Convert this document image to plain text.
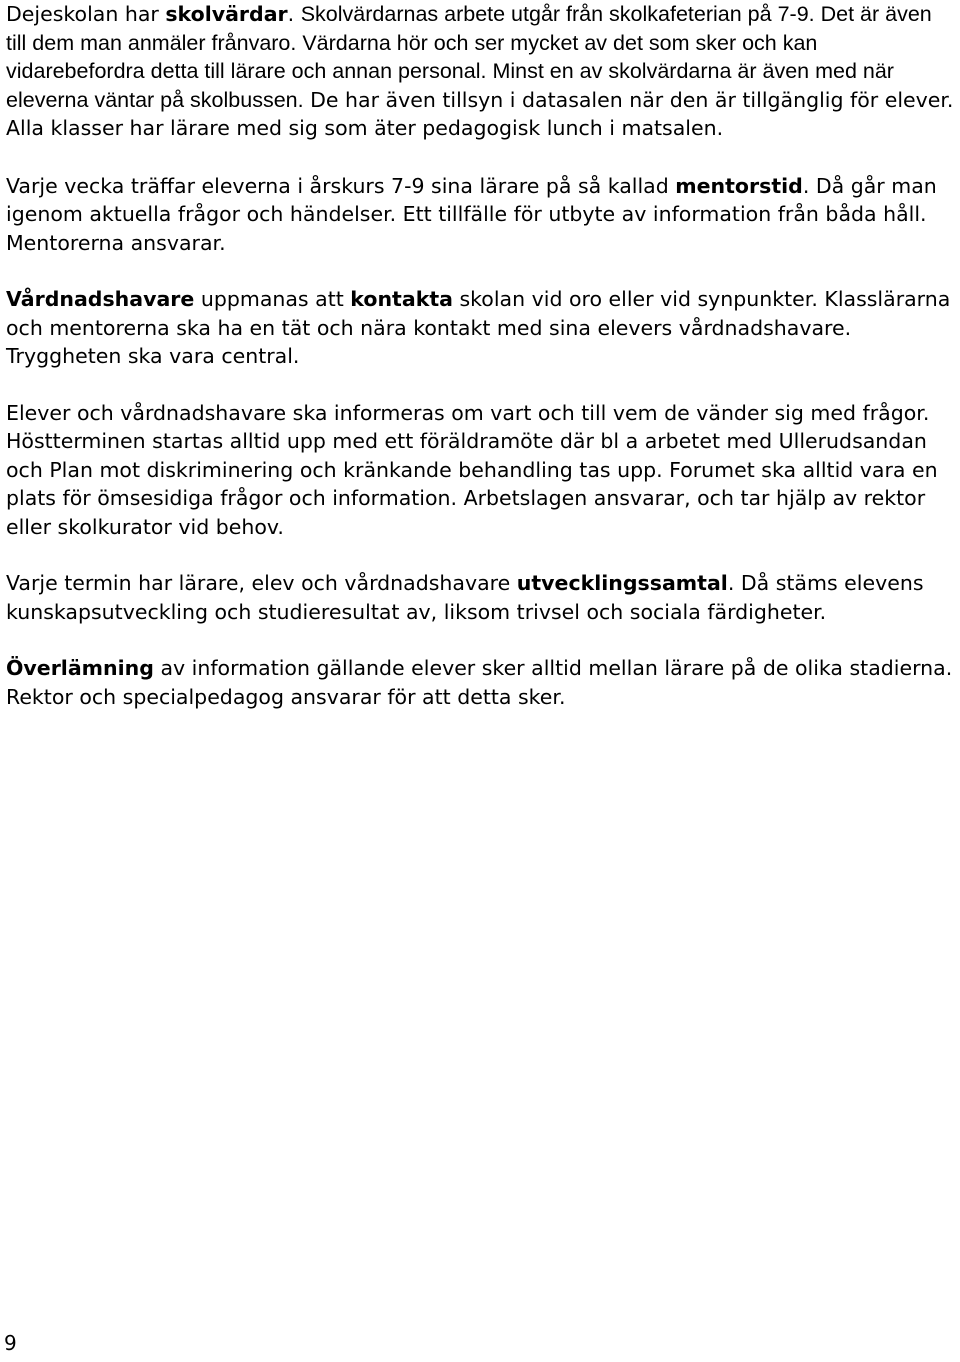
Dejeskolan har skolvärdar. Skolvärdarnas arbete utgår från skolkafeterian på 7-9. Det är även till dem man anmäler frånvaro. Värdarna hör och ser mycket av det som sker och kan vidarebefordra detta till lärare och annan personal. Minst en av skolvärdarna är även med när eleverna väntar på skolbussen. De har även tillsyn i datasalen när den är tillgänglig för elever. Alla klasser har lärare med sig som äter pedagogisk lunch i matsalen.

Varje vecka träffar eleverna i årskurs 7-9 sina lärare på så kallad mentorstid. Då går man igenom aktuella frågor och händelser. Ett tillfälle för utbyte av information från båda håll. Mentorerna ansvarar.

Vårdnadshavare uppmanas att kontakta skolan vid oro eller vid synpunkter. Klasslärarna och mentorerna ska ha en tät och nära kontakt med sina elevers vårdnadshavare. Tryggheten ska vara central.

Elever och vårdnadshavare ska informeras om vart och till vem de vänder sig med frågor. Höstterminen startas alltid upp med ett föräldramöte där bl a arbetet med Ullerudsandan och Plan mot diskriminering och kränkande behandling tas upp. Forumet ska alltid vara en plats för ömsesidiga frågor och information. Arbetslagen ansvarar, och tar hjälp av rektor eller skolkurator vid behov.

Varje termin har lärare, elev och vårdnadshavare utvecklingssamtal. Då stäms elevens kunskapsutveckling och studieresultat av, liksom trivsel och sociala färdigheter.

Överlämning av information gällande elever sker alltid mellan lärare på de olika stadierna. Rektor och specialpedagog ansvarar för att detta sker.

9
